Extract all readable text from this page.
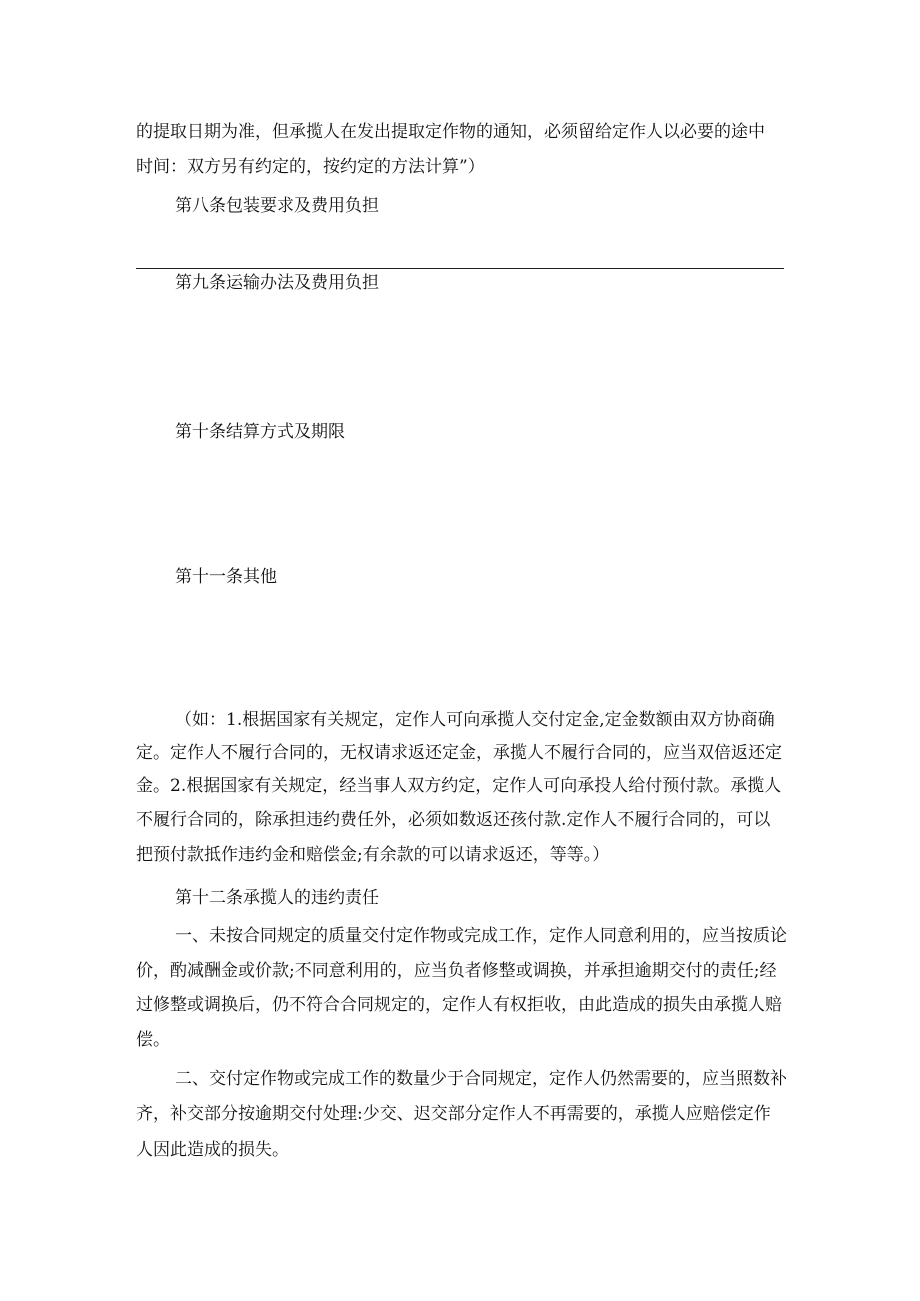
的提取日期为准，但承揽人在发出提取定作物的通知，必须留给定作人以必要的途中
时间：双方另有约定的，按约定的方法计算”）
第八条包装要求及费用负担
第九条运输办法及费用负担
第十条结算方式及期限
第十一条其他
（如：1.根据国家有关规定，定作人可向承揽人交付定金,定金数额由双方协商确
定。定作人不履行合同的，无权请求返还定金，承揽人不履行合同的，应当双倍返还定
金。2.根据国家有关规定，经当事人双方约定，定作人可向承投人给付预付款。承揽人
不履行合同的，除承担违约费任外，必须如数返还孩付款.定作人不履行合同的，可以
把预付款抵作违约金和赔偿金;有余款的可以请求返还，等等。）
第十二条承揽人的违约责任
一、未按合同规定的质量交付定作物或完成工作，定作人同意利用的，应当按质论
价，酌减酬金或价款;不同意利用的，应当负者修整或调换，并承担逾期交付的责任;经
过修整或调换后，仍不符合合同规定的，定作人有权拒收，由此造成的损失由承揽人赔
偿。
二、交付定作物或完成工作的数量少于合同规定，定作人仍然需要的，应当照数补
齐，补交部分按逾期交付处理:少交、迟交部分定作人不再需要的，承揽人应赔偿定作
人因此造成的损失。
